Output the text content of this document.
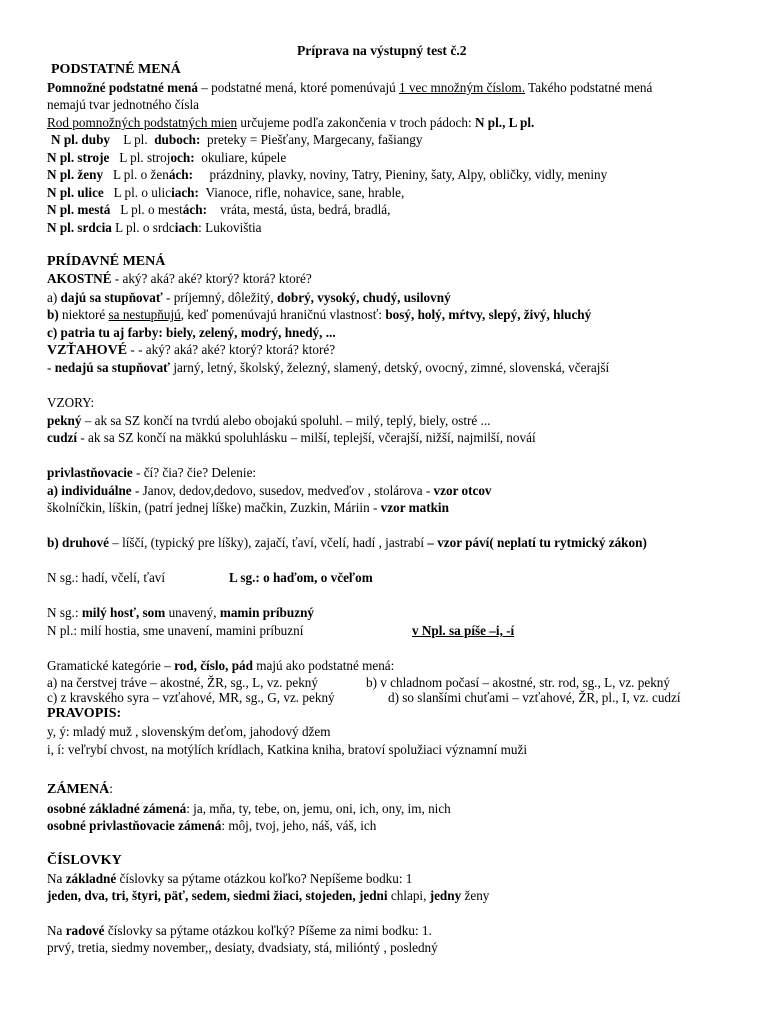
Príprava na výstupný test č.2
PODSTATNÉ MENÁ
Pomnožné podstatné mená – podstatné mená, ktoré pomenúvajú 1 vec množným číslom. Takého podstatné mená
nemajú tvar jednotného čísla
Rod pomnožných podstatných mien určujeme podľa zakončenia v troch pádoch: N pl., L pl.
N pl. duby L pl. duboch: preteky = Piešťany, Margecany, fašiangy
N pl. stroje L pl. strojoch: okuliare, kúpele
N pl. ženy L pl. o ženách: prázdniny, plavky, noviny, Tatry, Pieniny, šaty, Alpy, obličky, vidly, meniny
N pl. ulice L pl. o uliciach: Vianoce, rifle, nohavice, sane, hrable,
N pl. mestá L pl. o mestách: vráta, mestá, ústa, bedrá, bradlá,
N pl. srdcia L pl. o srdciach: Lukovištia
PRÍDAVNÉ MENÁ
AKOSTNÉ - aký? aká? aké? ktorý? ktorá? ktoré?
a) dajú sa stupňovať - príjemný, dôležitý, dobrý, vysoký, chudý, usilovný
b) niektoré sa nestupňujú, keď pomenúvajú hraničnú vlastnosť: bosý, holý, mŕtvy, slepý, živý, hluchý
c) patria tu aj farby: biely, zelený, modrý, hnedý, ...
VZŤAHOVÉ - - aký? aká? aké? ktorý? ktorá? ktoré?
- nedajú sa stupňovať jarný, letný, školský, železný, slamený, detský, ovocný, zimné, slovenská, včerajší
VZORY:
pekný – ak sa SZ končí na tvrdú alebo obojakú spoluhl. – milý, teplý, biely, ostré ...
cudzí - ak sa SZ končí na mäkkú spoluhlásku – milší, teplejší, včerajší, nižší, najmilší, nováí
privlastňovacie - čí? čia? čie? Delenie:
a) individuálne - Janov, dedov,dedovo, susedov, medveďov , stolárova - vzor otcov
školníčkin, líškin, (patrí jednej líške) mačkin, Zuzkin, Máriin - vzor matkin
b) druhové – líščí, (typický pre líšky), zajačí, ťaví, včelí, hadí , jastrabí – vzor páví( neplatí tu rytmický zákon)
N sg.: hadí, včelí, ťaví	L sg.: o haďom, o včeľom
N sg.: milý hosť, som unavený, mamin príbuzný
N pl.: milí hostia, sme unavení, mamini príbuzní	v Npl. sa píše –i, -í
Gramatické kategórie – rod, číslo, pád majú ako podstatné mená:
a) na čerstvej tráve – akostné, ŽR, sg., L, vz. pekný	b) v chladnom počasí – akostné, str. rod, sg., L, vz. pekný
c) z kravského syra – vzťahové, MR, sg., G, vz. pekný	d) so slanšími chuťami – vzťahové, ŽR, pl., I, vz. cudzí
PRAVOPIS:
y, ý: mladý muž , slovenským deťom, jahodový džem
i, í: veľrybí chvost, na motýlích krídlach, Katkina kniha, bratoví spolužiaci významní muži
ZÁMENÁ:
osobné základné zámená: ja, mňa, ty, tebe, on, jemu, oni, ich, ony, im, nich
osobné privlastňovacie zámená: môj, tvoj, jeho, náš, váš, ich
ČÍSLOVKY
Na základné číslovky sa pýtame otázkou koľko? Nepíšeme bodku: 1
jeden, dva, tri, štyri, päť, sedem, siedmi žiaci, stojeden, jedni chlapi, jedny ženy
Na radové číslovky sa pýtame otázkou koľký? Píšeme za nimi bodku: 1.
prvý, tretia, siedmy november,, desiaty, dvadsiaty, stá, milióntý , posledný
